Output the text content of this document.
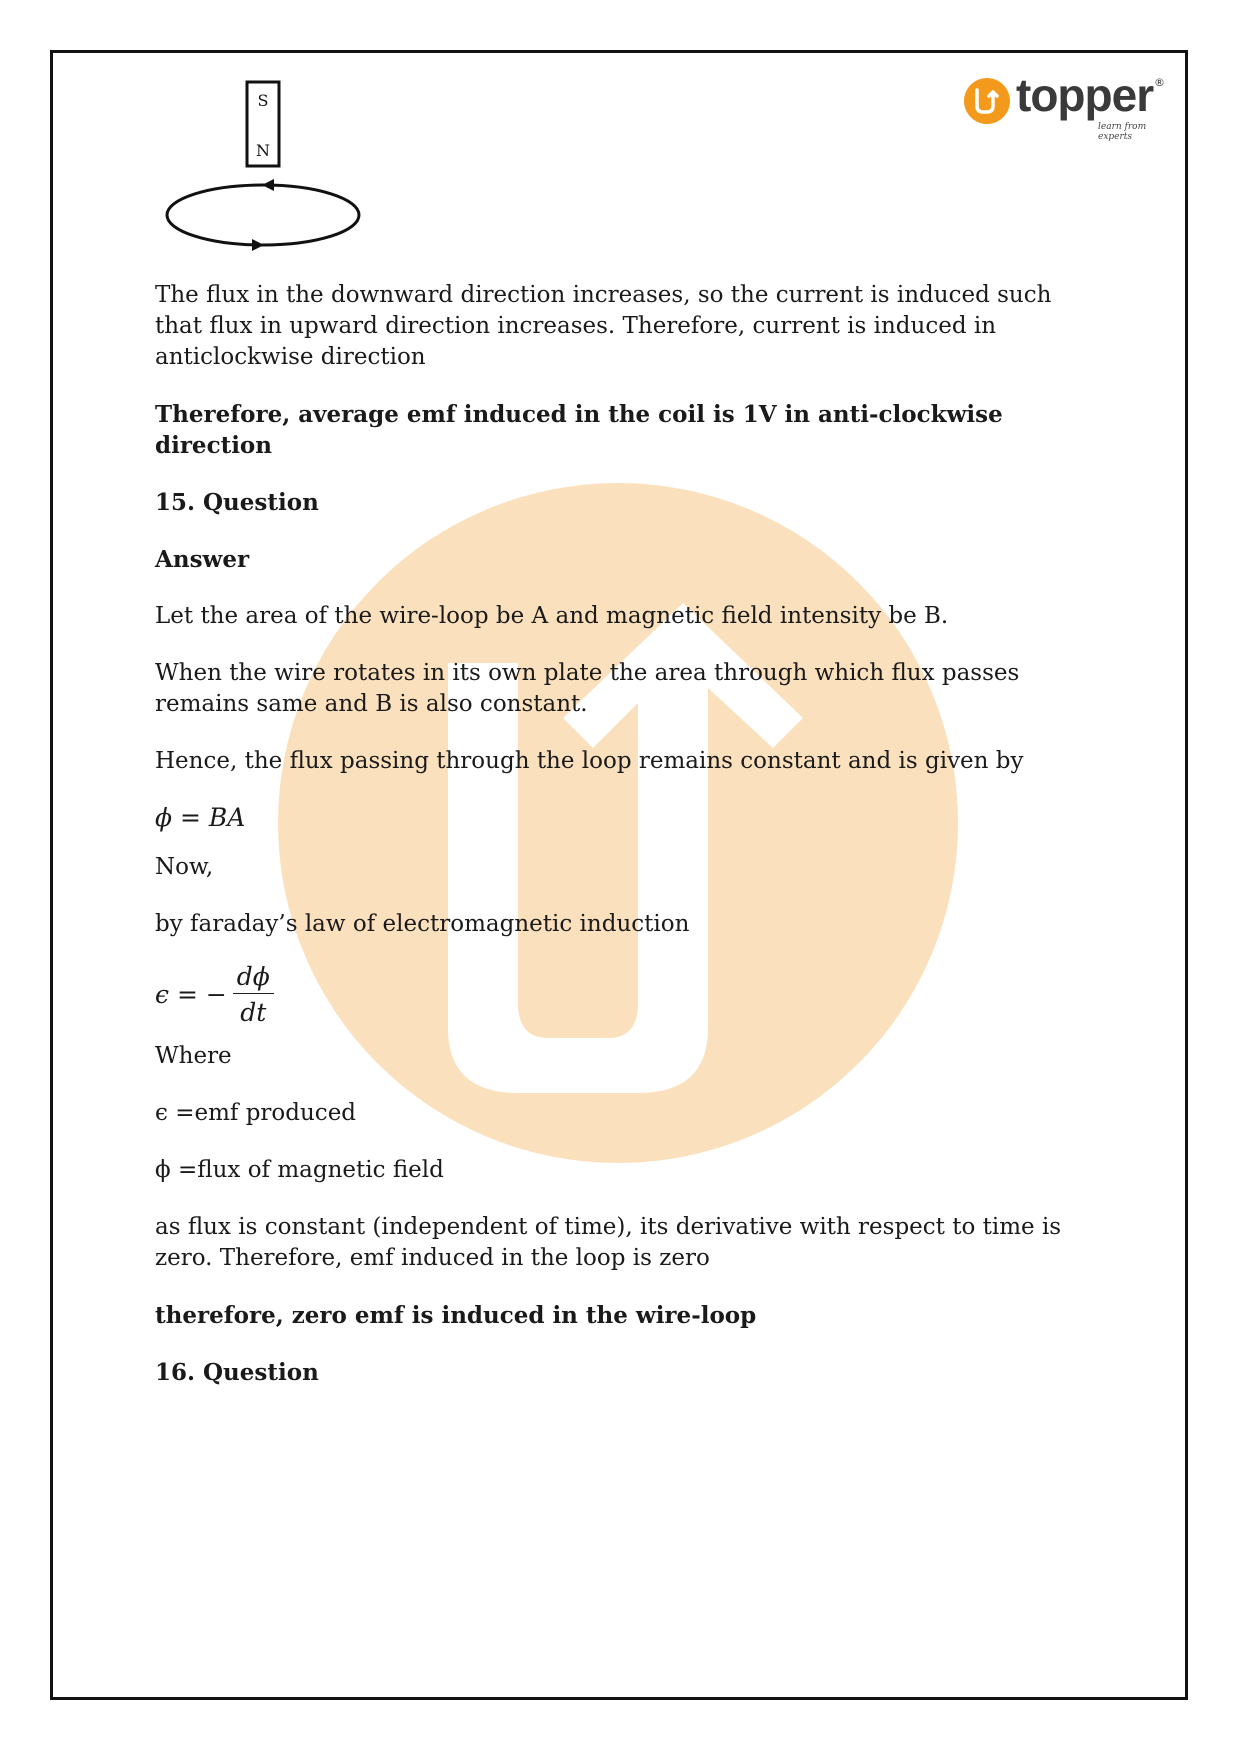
topper ®
learn from experts
S
N

The flux in the downward direction increases, so the current is induced such that flux in upward direction increases. Therefore, current is induced in anticlockwise direction

Therefore, average emf induced in the coil is 1V in anti-clockwise direction

15. Question

Answer

Let the area of the wire-loop be A and magnetic field intensity be B.

When the wire rotates in its own plate the area through which flux passes remains same and B is also constant.

Hence, the flux passing through the loop remains constant and is given by

ϕ = BA

Now,

by faraday’s law of electromagnetic induction

ϵ = − $\frac{d\phi}{dt}$

Where

ϵ =emf produced

ϕ =flux of magnetic field

as flux is constant (independent of time), its derivative with respect to time is zero. Therefore, emf induced in the loop is zero

therefore, zero emf is induced in the wire-loop

16. Question
